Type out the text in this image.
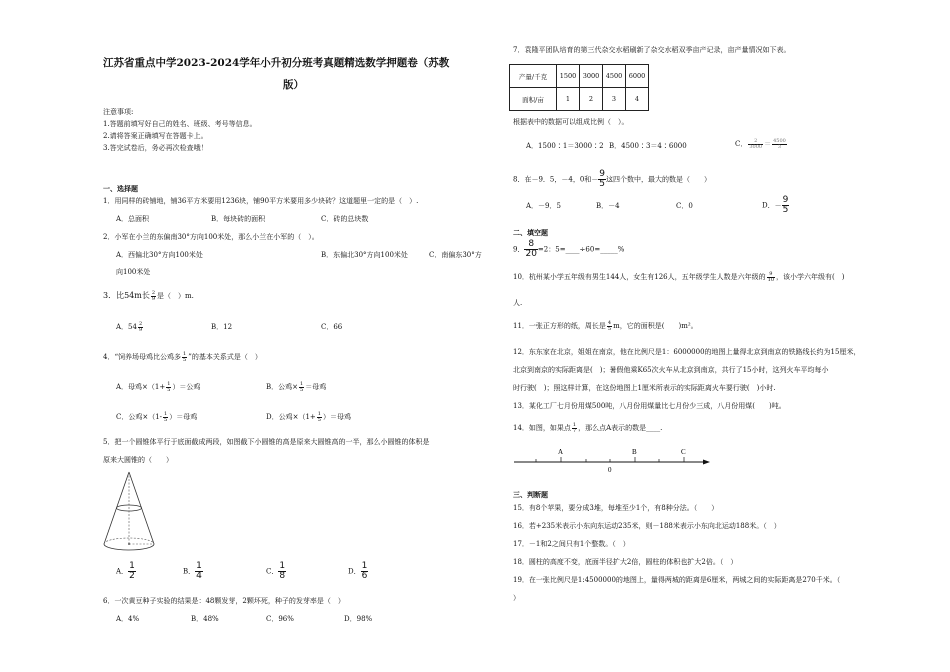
江苏省重点中学2023-2024学年小升初分班考真题精选数学押题卷（苏教
版）
注意事项:
1.答题前填写好自己的姓名、班级、考号等信息。
2.请将答案正确填写在答题卡上。
3.答完试卷后，务必再次检查哦！
一、选择题
1．用同样的砖铺地，铺36平方米要用1236块，铺90平方米要用多少块砖？这道题里一定的是（　）.
A．总面积	B．每块砖的面积	C．砖的总块数
2．小军在小兰的东偏南30°方向100米处，那么小兰在小军的（　）。
A．西偏北30°方向100米处	B．东偏北30°方向100米处	C．南偏东30°方
向100米处
3．比54m长 $\frac{2}{9}$ 是（　）m.
A．$54 \frac{2}{9}$	B．12	C．66
4．“饲养场母鸡比公鸡多 $\frac{1}{5}$ ”的基本关系式是（　）
A．母鸡$\times(1+ \frac{1}{5}$ ）＝公鸡	B．公鸡× $\frac{1}{5}$ ＝母鸡
C．公鸡$\times(1- \frac{1}{5}$ ）＝母鸡	D．公鸡$\times(1+ \frac{1}{5}$ ）＝母鸡
5．把一个圆锥体平行于底面截成两段，如图截下小圆锥的高是原来大圆锥高的一半，那么小圆锥的体积是
原来大圆锥的（　　）
A． $\frac{1}{2}$	B． $\frac{1}{4}$	C． $\frac{1}{8}$	D． $\frac{1}{6}$
6．一次黄豆种子实验的结果是：48颗发芽，2颗坏死，种子的发芽率是（　）
A．4%	B．48%	C．96%	D．98%
7．袁隆平团队培育的第三代杂交水稻刷新了杂交水稻双季亩产记录，亩产量情况如下表。
产量/千克	1500	3000	4500	6000
面积/亩	1	2	3	4
根据表中的数据可以组成比例（　）。
A．1500∶1＝3000∶2 B．4500∶3＝4∶6000	C． $\frac{2}{3000} = \frac{4500}{3}$
8．在－9．5，－4，0和－ $\frac{9}{5}$ 这四个数中，最大的数是（　　）
A．－9．5	B．－4	C．0	D．－ $\frac{9}{5}$
二、填空题
9． $\frac{8}{20} =2$：5=____÷60=_____%
10．杭州某小学五年级有男生144人，女生有126人，五年级学生人数是六年级的 $\frac{9}{10}$ ，该小学六年级有(　)
人.
11．一张正方形的纸，周长是 $\frac{4}{5}$ m，它的面积是(　　)m²。
12．东东家在北京，姐姐在南京，他在比例尺是1：6000000的地图上量得北京到南京的铁路线长约为15厘米，
北京到南京的实际距离是(　)；暑假他乘K65次火车从北京到南京，共行了15小时，这列火车平均每小
时行驶(　)；照这样计算，在这份地图上1厘米所表示的实际距离火车要行驶(　)小时.
13．某化工厂七月份用煤500吨，八月份用煤量比七月份少三成，八月份用煤(　　)吨。
14．如图，如果点 $\frac{1}{7}$ ，那么点A表示的数是____.
A	B	C
0
三、判断题
15．有8个苹果，要分成3堆，每堆至少1个，有8种分法。（　　）
16．若+235米表示小东向东运动235米，则－188米表示小东向北运动188米。（　）
17．－1和2之间只有1个整数。（　）
18．圆柱的高度不变，底面半径扩大2倍，圆柱的体积也扩大2倍。（　）
19．在一张比例尺是1:4500000的地图上，量得两城的距离是6厘米，两城之间的实际距离是270千米。（
）
